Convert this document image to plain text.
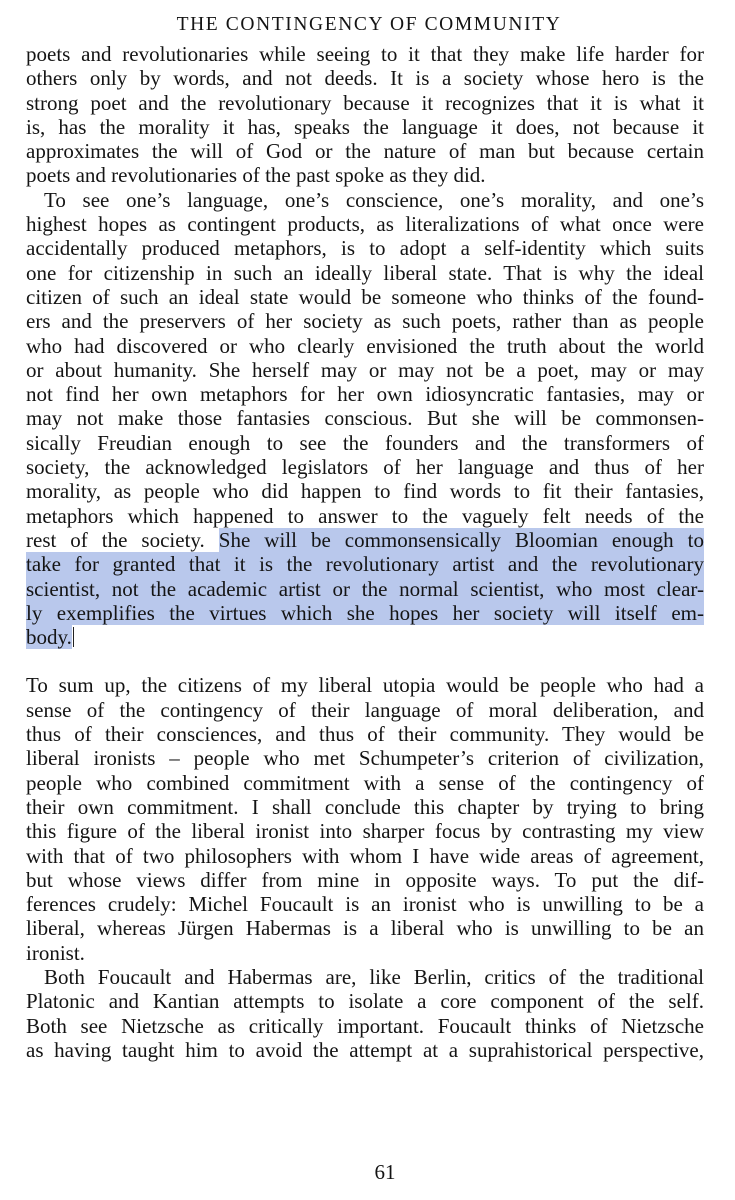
THE CONTINGENCY OF COMMUNITY
poets and revolutionaries while seeing to it that they make life harder for
others only by words, and not deeds. It is a society whose hero is the
strong poet and the revolutionary because it recognizes that it is what it
is, has the morality it has, speaks the language it does, not because it
approximates the will of God or the nature of man but because certain
poets and revolutionaries of the past spoke as they did.
To see one’s language, one’s conscience, one’s morality, and one’s
highest hopes as contingent products, as literalizations of what once were
accidentally produced metaphors, is to adopt a self-identity which suits
one for citizenship in such an ideally liberal state. That is why the ideal
citizen of such an ideal state would be someone who thinks of the found-
ers and the preservers of her society as such poets, rather than as people
who had discovered or who clearly envisioned the truth about the world
or about humanity. She herself may or may not be a poet, may or may
not find her own metaphors for her own idiosyncratic fantasies, may or
may not make those fantasies conscious. But she will be commonsen-
sically Freudian enough to see the founders and the transformers of
society, the acknowledged legislators of her language and thus of her
morality, as people who did happen to find words to fit their fantasies,
metaphors which happened to answer to the vaguely felt needs of the
rest of the society. She will be commonsensically Bloomian enough to
take for granted that it is the revolutionary artist and the revolutionary
scientist, not the academic artist or the normal scientist, who most clear-
ly exemplifies the virtues which she hopes her society will itself em-
body.
To sum up, the citizens of my liberal utopia would be people who had a
sense of the contingency of their language of moral deliberation, and
thus of their consciences, and thus of their community. They would be
liberal ironists – people who met Schumpeter’s criterion of civilization,
people who combined commitment with a sense of the contingency of
their own commitment. I shall conclude this chapter by trying to bring
this figure of the liberal ironist into sharper focus by contrasting my view
with that of two philosophers with whom I have wide areas of agreement,
but whose views differ from mine in opposite ways. To put the dif-
ferences crudely: Michel Foucault is an ironist who is unwilling to be a
liberal, whereas Jürgen Habermas is a liberal who is unwilling to be an
ironist.
Both Foucault and Habermas are, like Berlin, critics of the traditional
Platonic and Kantian attempts to isolate a core component of the self.
Both see Nietzsche as critically important. Foucault thinks of Nietzsche
as having taught him to avoid the attempt at a suprahistorical perspective,
61
